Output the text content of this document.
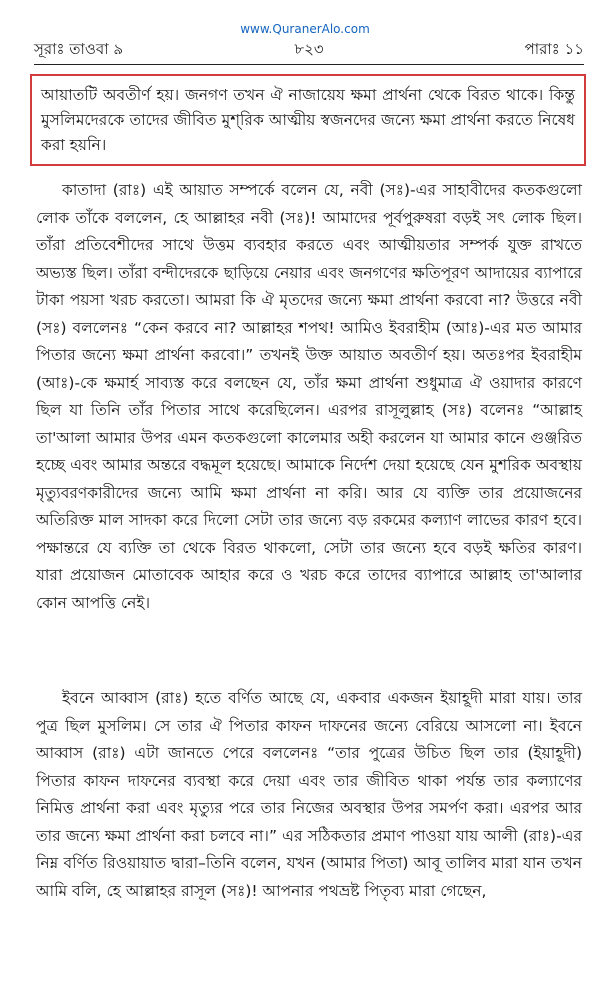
www.QuranerAlo.com
সূরাঃ তাওবা ৯	৮২৩	পারাঃ ১১
আয়াতটি অবতীর্ণ হয়। জনগণ তখন ঐ নাজায়েয ক্ষমা প্রার্থনা থেকে বিরত থাকে। কিন্তু মুসলিমদেরকে তাদের জীবিত মুশ্‌রিক আত্মীয় স্বজনদের জন্যে ক্ষমা প্রার্থনা করতে নিষেধ করা হয়নি।

কাতাদা (রাঃ) এই আয়াত সম্পর্কে বলেন যে, নবী (সঃ)-এর সাহাবীদের কতকগুলো লোক তাঁকে বললেন, হে আল্লাহর নবী (সঃ)! আমাদের পূর্বপুরুষরা বড়ই সৎ লোক ছিল। তাঁরা প্রতিবেশীদের সাথে উত্তম ব্যবহার করতে এবং আত্মীয়তার সম্পর্ক যুক্ত রাখতে অভ্যস্ত ছিল। তাঁরা বন্দীদেরকে ছাড়িয়ে নেয়ার এবং জনগণের ক্ষতিপূরণ আদায়ের ব্যাপারে টাকা পয়সা খরচ করতো। আমরা কি ঐ মৃতদের জন্যে ক্ষমা প্রার্থনা করবো না? উত্তরে নবী (সঃ) বললেনঃ “কেন করবে না? আল্লাহর শপথ! আমিও ইবরাহীম (আঃ)-এর মত আমার পিতার জন্যে ক্ষমা প্রার্থনা করবো।” তখনই উক্ত আয়াত অবতীর্ণ হয়। অতঃপর ইবরাহীম (আঃ)-কে ক্ষমার্হ সাব্যস্ত করে বলছেন যে, তাঁর ক্ষমা প্রার্থনা শুধুমাত্র ঐ ওয়াদার কারণে ছিল যা তিনি তাঁর পিতার সাথে করেছিলেন। এরপর রাসূলুল্লাহ (সঃ) বলেনঃ “আল্লাহ তা'আলা আমার উপর এমন কতকগুলো কালেমার অহী করলেন যা আমার কানে গুঞ্জরিত হচ্ছে এবং আমার অন্তরে বদ্ধমূল হয়েছে। আমাকে নির্দেশ দেয়া হয়েছে যেন মুশরিক অবস্থায় মৃত্যুবরণকারীদের জন্যে আমি ক্ষমা প্রার্থনা না করি। আর যে ব্যক্তি তার প্রয়োজনের অতিরিক্ত মাল সাদকা করে দিলো সেটা তার জন্যে বড় রকমের কল্যাণ লাভের কারণ হবে। পক্ষান্তরে যে ব্যক্তি তা থেকে বিরত থাকলো, সেটা তার জন্যে হবে বড়ই ক্ষতির কারণ। যারা প্রয়োজন মোতাবেক আহার করে ও খরচ করে তাদের ব্যাপারে আল্লাহ তা'আলার কোন আপত্তি নেই।

ইবনে আব্বাস (রাঃ) হতে বর্ণিত আছে যে, একবার একজন ইয়াহূদী মারা যায়। তার পুত্র ছিল মুসলিম। সে তার ঐ পিতার কাফন দাফনের জন্যে বেরিয়ে আসলো না। ইবনে আব্বাস (রাঃ) এটা জানতে পেরে বললেনঃ “তার পুত্রের উচিত ছিল তার (ইয়াহূদী) পিতার কাফন দাফনের ব্যবস্থা করে দেয়া এবং তার জীবিত থাকা পর্যন্ত তার কল্যাণের নিমিত্ত প্রার্থনা করা এবং মৃত্যুর পরে তার নিজের অবস্থার উপর সমর্পণ করা। এরপর আর তার জন্যে ক্ষমা প্রার্থনা করা চলবে না।” এর সঠিকতার প্রমাণ পাওয়া যায় আলী (রাঃ)-এর নিম্ন বর্ণিত রিওয়ায়াত দ্বারা–তিনি বলেন, যখন (আমার পিতা) আবূ তালিব মারা যান তখন আমি বলি, হে আল্লাহর রাসূল (সঃ)! আপনার পথভ্রষ্ট পিতৃব্য মারা গেছেন,
